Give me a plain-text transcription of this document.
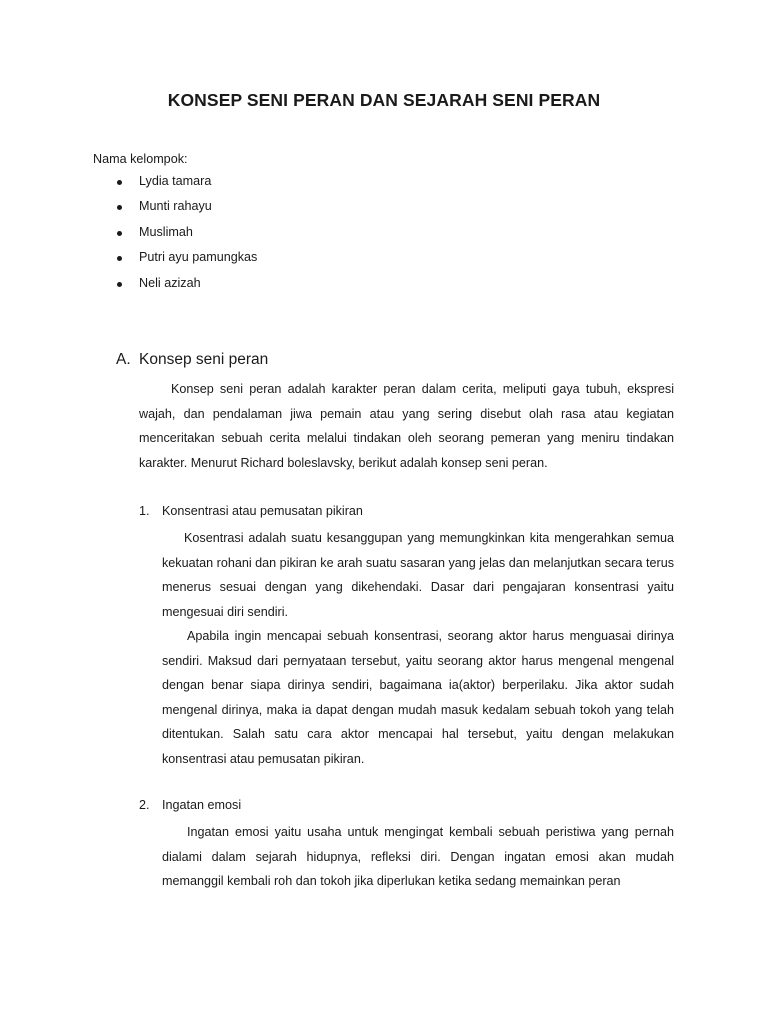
KONSEP SENI PERAN DAN SEJARAH SENI PERAN
Nama kelompok:
Lydia tamara
Munti rahayu
Muslimah
Putri ayu pamungkas
Neli azizah
A. Konsep seni peran

Konsep seni peran adalah karakter peran dalam cerita, meliputi gaya tubuh, ekspresi wajah, dan pendalaman jiwa pemain atau yang sering disebut olah rasa atau kegiatan menceritakan sebuah cerita melalui tindakan oleh seorang pemeran yang meniru tindakan karakter. Menurut Richard boleslavsky, berikut adalah konsep seni peran.

1. Konsentrasi atau pemusatan pikiran

Kosentrasi adalah suatu kesanggupan yang memungkinkan kita mengerahkan semua kekuatan rohani dan pikiran ke arah suatu sasaran yang jelas dan melanjutkan secara terus menerus sesuai dengan yang dikehendaki. Dasar dari pengajaran konsentrasi yaitu mengesuai diri sendiri.

Apabila ingin mencapai sebuah konsentrasi, seorang aktor harus menguasai dirinya sendiri. Maksud dari pernyataan tersebut, yaitu seorang aktor harus mengenal mengenal dengan benar siapa dirinya sendiri, bagaimana ia(aktor) berperilaku. Jika aktor sudah mengenal dirinya, maka ia dapat dengan mudah masuk kedalam sebuah tokoh yang telah ditentukan. Salah satu cara aktor mencapai hal tersebut, yaitu dengan melakukan konsentrasi atau pemusatan pikiran.

2. Ingatan emosi

Ingatan emosi yaitu usaha untuk mengingat kembali sebuah peristiwa yang pernah dialami dalam sejarah hidupnya, refleksi diri. Dengan ingatan emosi akan mudah memanggil kembali roh dan tokoh jika diperlukan ketika sedang memainkan peran
